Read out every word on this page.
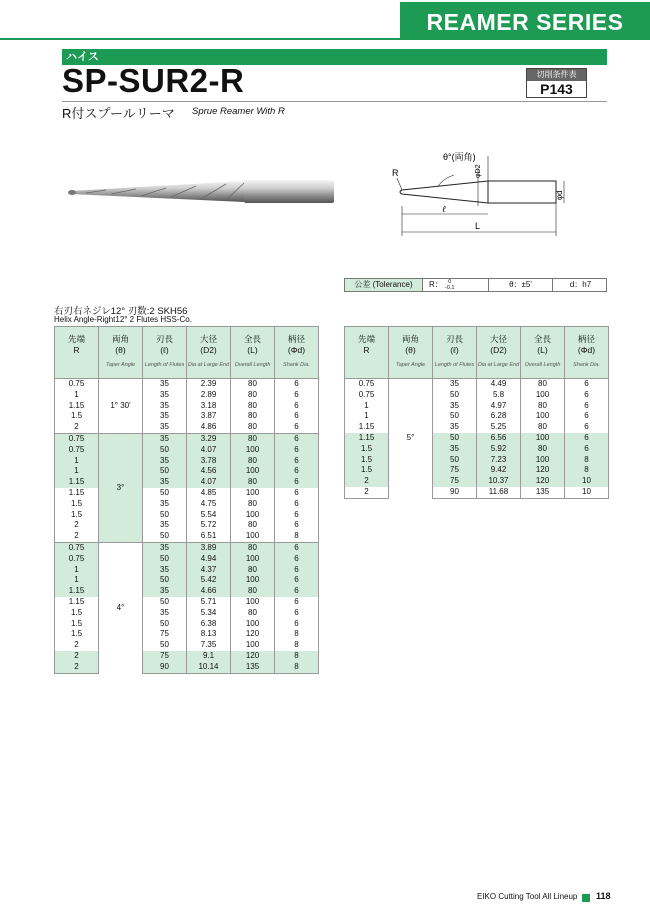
REAMER SERIES
ハイス
SP-SUR2-R	切削条件表
P143
R付スプールリーマ Sprue Reamer With R
θ°(両角)
φD2
R
φd
ℓ
L
公差 (Tolerance)	R： 0
-0.1	θ：±5'	d：h7
右刃右ネジレ12° 刃数:2 SKH56
Helix Angle-Right12° 2 Flutes HSS-Co.
先端
R	両角
(θ)
Taper Angle	刃長
(ℓ)
Length of Flutes	大径
(D2)
Dia at Large End	全長
(L)
Overall Length	柄径
(Φd)
Shank Dia.

0.75	1° 30'	35	2.39	80	6
1		35	2.89	80	6
1.15		35	3.18	80	6
1.5		35	3.87	80	6
2		35	4.86	80	6
0.75	3°	35	3.29	80	6
0.75		50	4.07	100	6
1		35	3.78	80	6
1		50	4.56	100	6
1.15		35	4.07	80	6
1.15		50	4.85	100	6
1.5		35	4.75	80	6
1.5		50	5.54	100	6
2		35	5.72	80	6
2		50	6.51	100	8
0.75	4°	35	3.89	80	6
0.75		50	4.94	100	6
1		35	4.37	80	6
1		50	5.42	100	6
1.15		35	4.66	80	6
1.15		50	5.71	100	6
1.5		35	5.34	80	6
1.5		50	6.38	100	6
1.5		75	8.13	120	8
2		50	7.35	100	8
2		75	9.1	120	8
2		90	10.14	135	8
先端
R	両角
(θ)
Taper Angle	刃長
(ℓ)
Length of Flutes	大径
(D2)
Dia at Large End	全長
(L)
Overall Length	柄径
(Φd)
Shank Dia.

0.75	5°	35	4.49	80	6
0.75		50	5.8	100	6
1		35	4.97	80	6
1		50	6.28	100	6
1.15		35	5.25	80	6
1.15		50	6.56	100	6
1.5		35	5.92	80	6
1.5		50	7.23	100	8
1.5		75	9.42	120	8
2		75	10.37	120	10
2		90	11.68	135	10
EIKO Cutting Tool All Lineup 118
